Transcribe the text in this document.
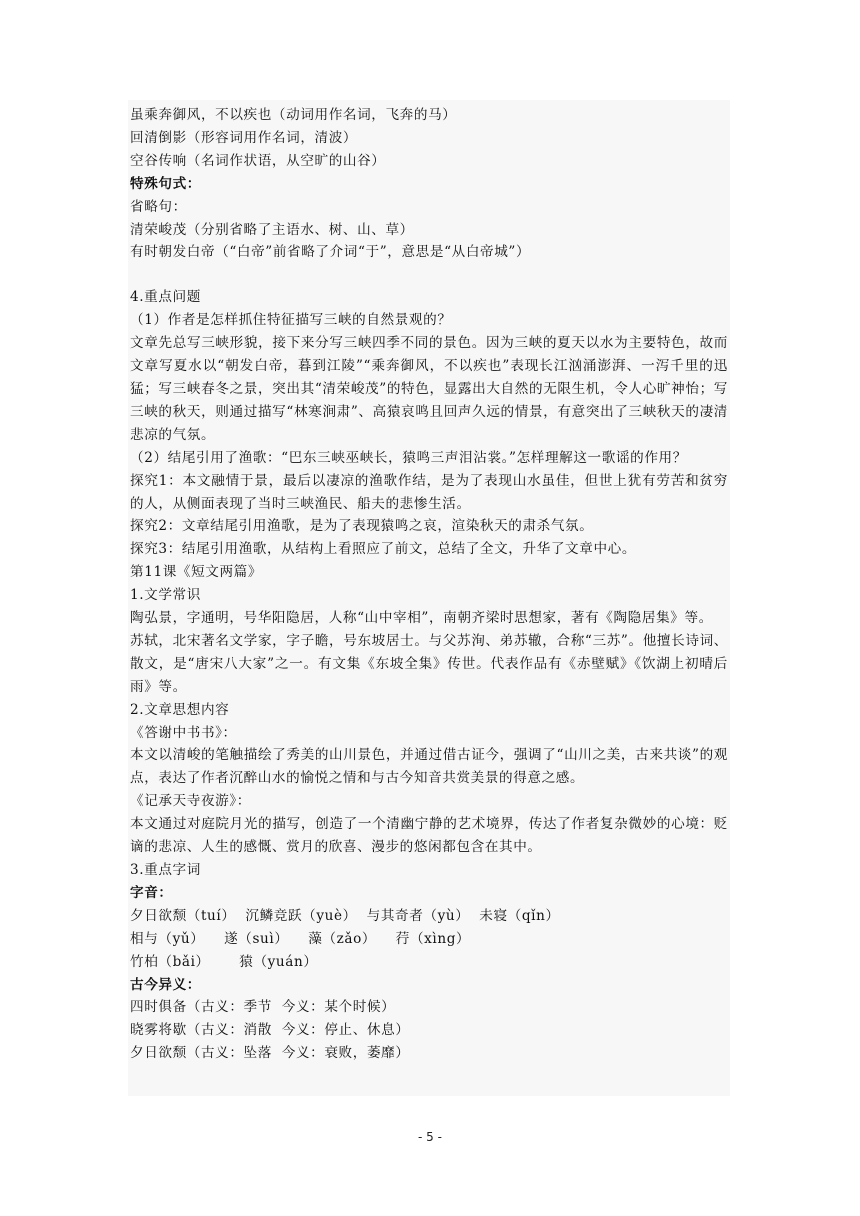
虽乘奔御风，不以疾也（动词用作名词，飞奔的马）
回清倒影（形容词用作名词，清波）
空谷传响（名词作状语，从空旷的山谷）
特殊句式：
省略句：
清荣峻茂（分别省略了主语水、树、山、草）
有时朝发白帝（“白帝”前省略了介词“于”，意思是“从白帝城”）
4.重点问题
（1）作者是怎样抓住特征描写三峡的自然景观的？
文章先总写三峡形貌，接下来分写三峡四季不同的景色。因为三峡的夏天以水为主要特色，故而文章写夏水以“朝发白帝，暮到江陵”“乘奔御风，不以疾也”表现长江汹涌澎湃、一泻千里的迅猛；写三峡春冬之景，突出其“清荣峻茂”的特色，显露出大自然的无限生机，令人心旷神怡；写三峡的秋天，则通过描写“林寒涧肃”、高猿哀鸣且回声久远的情景，有意突出了三峡秋天的凄清悲凉的气氛。
（2）结尾引用了渔歌：“巴东三峡巫峡长，猿鸣三声泪沾裳。”怎样理解这一歌谣的作用？
探究1：本文融情于景，最后以凄凉的渔歌作结，是为了表现山水虽佳，但世上犹有劳苦和贫穷的人，从侧面表现了当时三峡渔民、船夫的悲惨生活。
探究2：文章结尾引用渔歌，是为了表现猿鸣之哀，渲染秋天的肃杀气氛。
探究3：结尾引用渔歌，从结构上看照应了前文，总结了全文，升华了文章中心。
第11课《短文两篇》
1.文学常识
陶弘景，字通明，号华阳隐居，人称“山中宰相”，南朝齐梁时思想家，著有《陶隐居集》等。
苏轼，北宋著名文学家，字子瞻，号东坡居士。与父苏洵、弟苏辙，合称“三苏”。他擅长诗词、散文，是“唐宋八大家”之一。有文集《东坡全集》传世。代表作品有《赤壁赋》《饮湖上初晴后雨》等。
2.文章思想内容
《答谢中书书》：
本文以清峻的笔触描绘了秀美的山川景色，并通过借古证今，强调了“山川之美，古来共谈”的观点，表达了作者沉醉山水的愉悦之情和与古今知音共赏美景的得意之感。
《记承天寺夜游》：
本文通过对庭院月光的描写，创造了一个清幽宁静的艺术境界，传达了作者复杂微妙的心境：贬谪的悲凉、人生的感慨、赏月的欣喜、漫步的悠闲都包含在其中。
3.重点字词
字音：
夕日欲颓（tuí）  沉鳞竞跃（yuè）  与其奇者（yù）  未寝（qǐn）
相与（yǔ）    遂（suì）    藻（zǎo）    荇（xìng）
竹柏（bǎi）      猿（yuán）
古今异义：
四时俱备（古义：季节  今义：某个时候）
晓雾将歇（古义：消散  今义：停止、休息）
夕日欲颓（古义：坠落  今义：衰败，萎靡）
- 5 -
